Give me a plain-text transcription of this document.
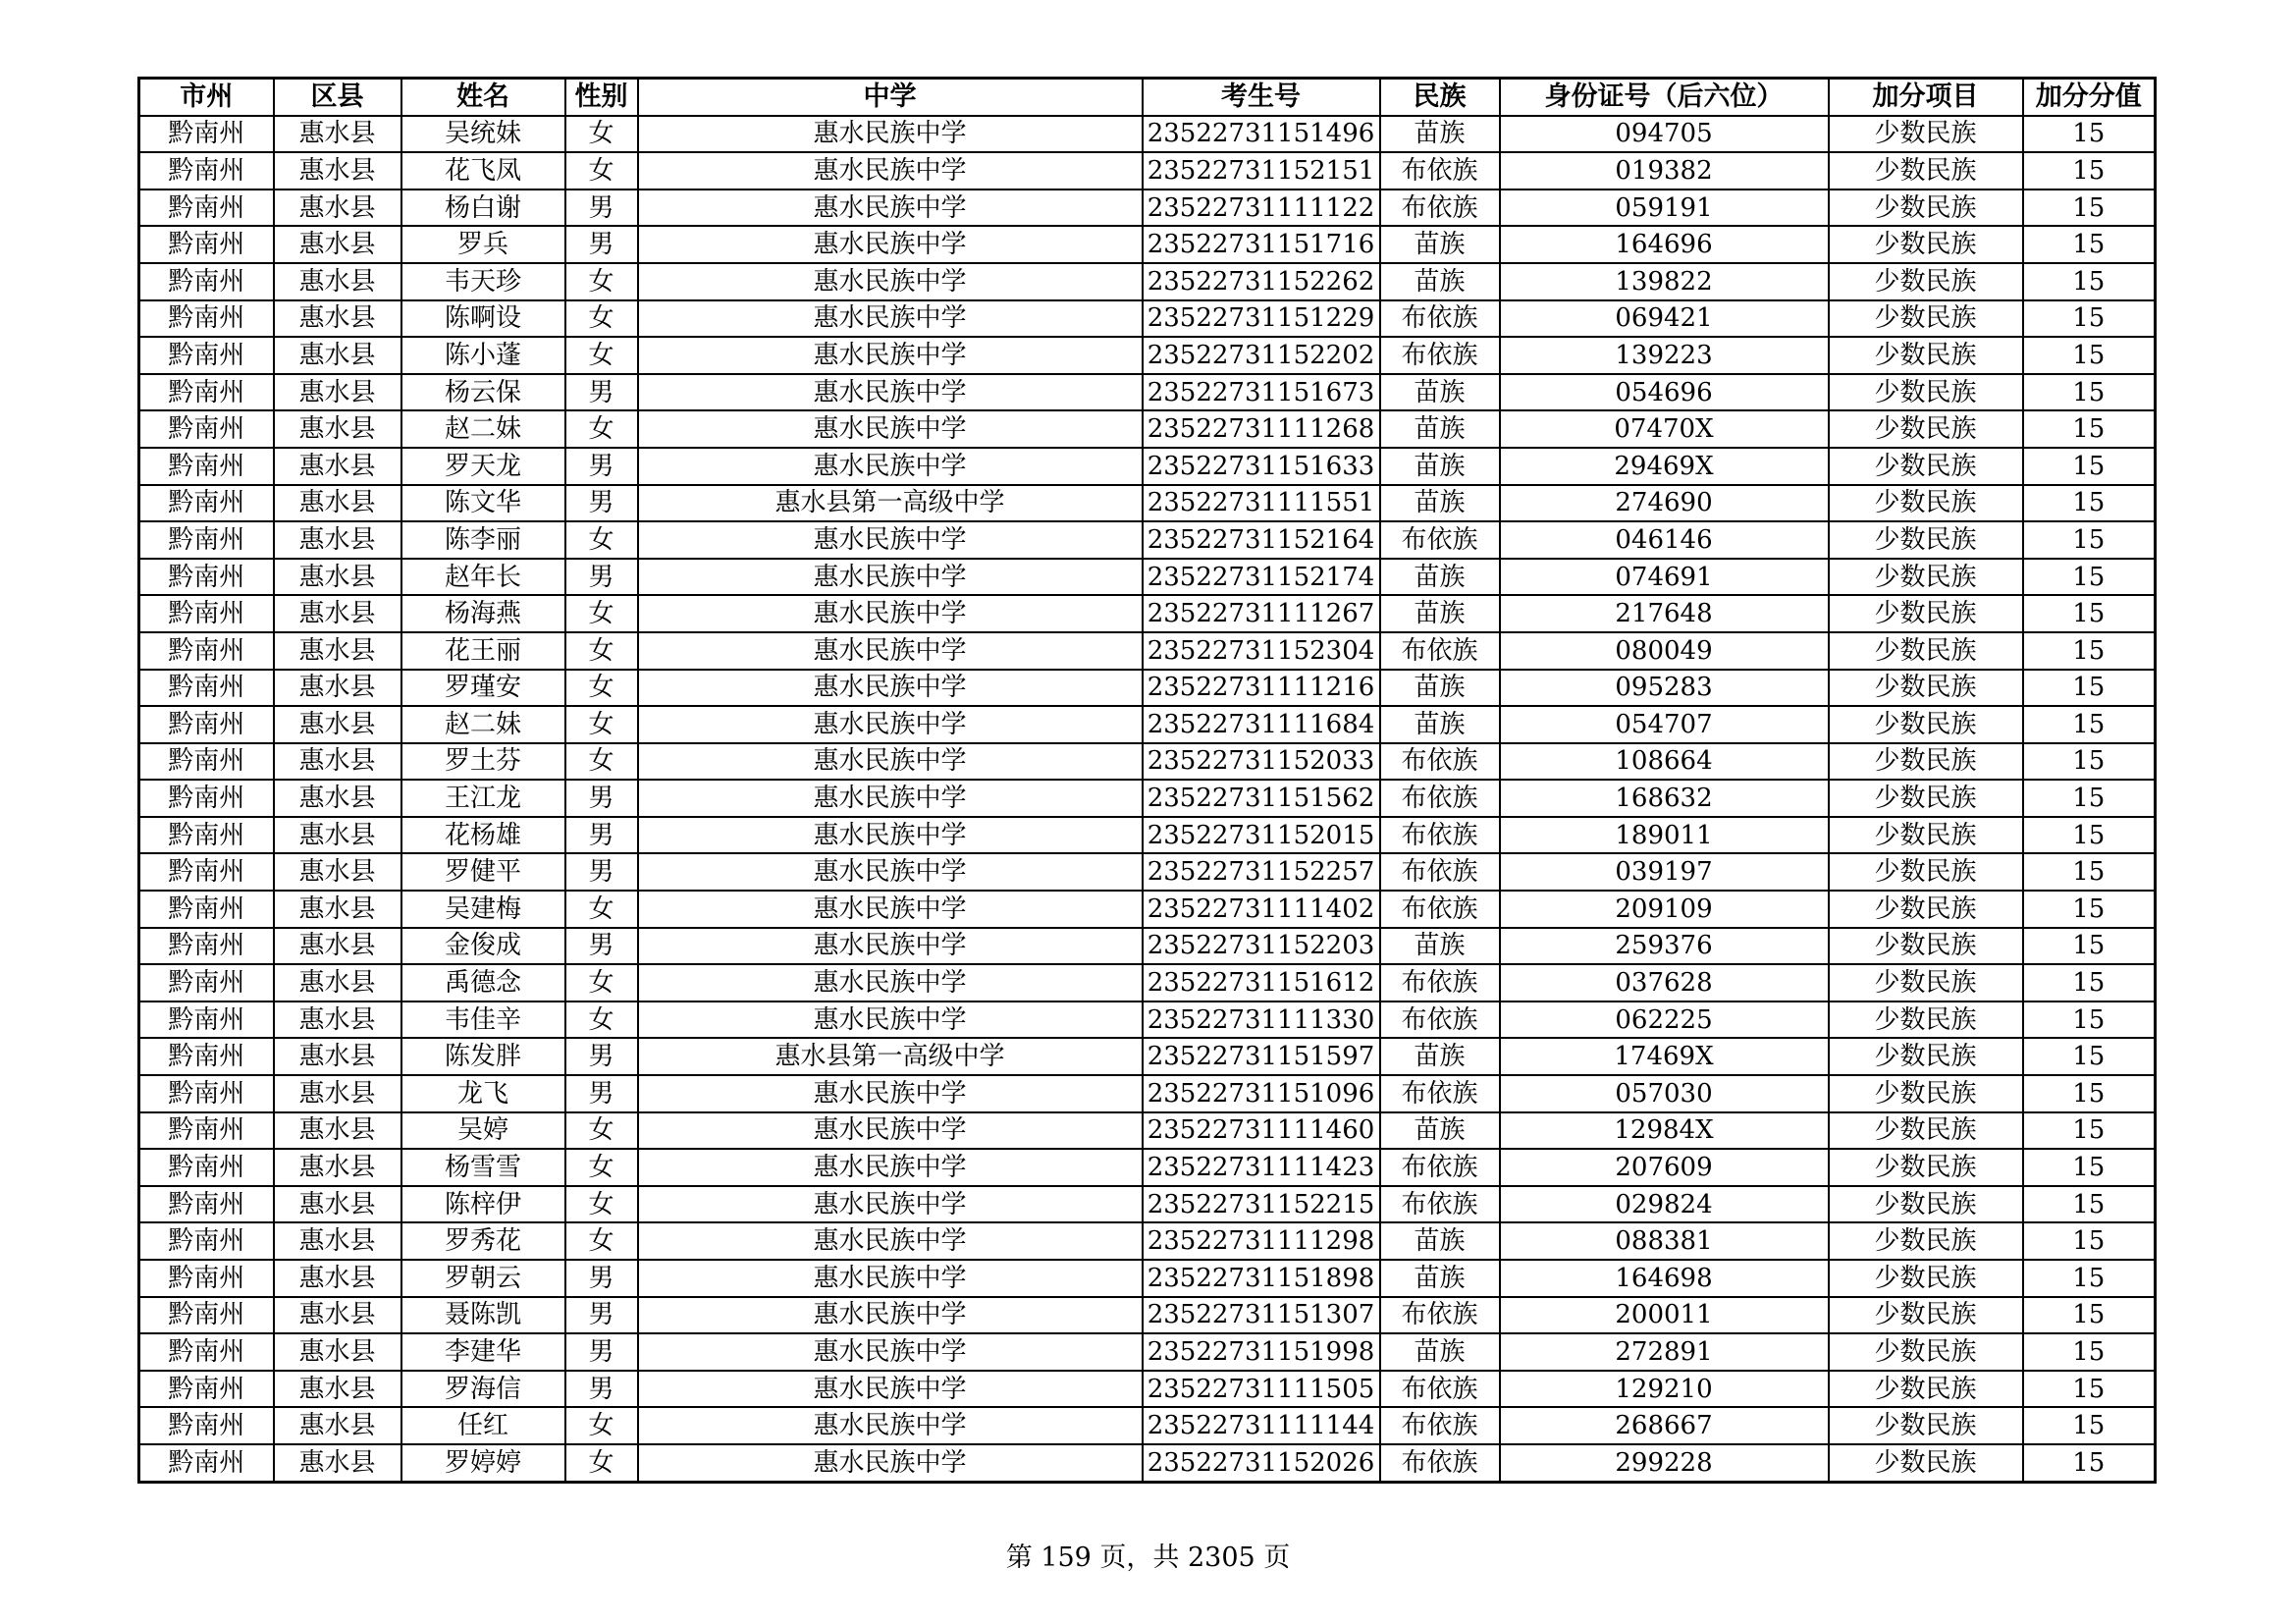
市州	区县	姓名	性别	中学	考生号	民族	身份证号（后六位）	加分项目	加分分值
黔南州	惠水县	吴统妹	女	惠水民族中学	23522731151496	苗族	094705	少数民族	15
黔南州	惠水县	花飞凤	女	惠水民族中学	23522731152151	布依族	019382	少数民族	15
黔南州	惠水县	杨白谢	男	惠水民族中学	23522731111122	布依族	059191	少数民族	15
黔南州	惠水县	罗兵	男	惠水民族中学	23522731151716	苗族	164696	少数民族	15
黔南州	惠水县	韦天珍	女	惠水民族中学	23522731152262	苗族	139822	少数民族	15
黔南州	惠水县	陈啊设	女	惠水民族中学	23522731151229	布依族	069421	少数民族	15
黔南州	惠水县	陈小蓬	女	惠水民族中学	23522731152202	布依族	139223	少数民族	15
黔南州	惠水县	杨云保	男	惠水民族中学	23522731151673	苗族	054696	少数民族	15
黔南州	惠水县	赵二妹	女	惠水民族中学	23522731111268	苗族	07470X	少数民族	15
黔南州	惠水县	罗天龙	男	惠水民族中学	23522731151633	苗族	29469X	少数民族	15
黔南州	惠水县	陈文华	男	惠水县第一高级中学	23522731111551	苗族	274690	少数民族	15
黔南州	惠水县	陈李丽	女	惠水民族中学	23522731152164	布依族	046146	少数民族	15
黔南州	惠水县	赵年长	男	惠水民族中学	23522731152174	苗族	074691	少数民族	15
黔南州	惠水县	杨海燕	女	惠水民族中学	23522731111267	苗族	217648	少数民族	15
黔南州	惠水县	花王丽	女	惠水民族中学	23522731152304	布依族	080049	少数民族	15
黔南州	惠水县	罗瑾安	女	惠水民族中学	23522731111216	苗族	095283	少数民族	15
黔南州	惠水县	赵二妹	女	惠水民族中学	23522731111684	苗族	054707	少数民族	15
黔南州	惠水县	罗土芬	女	惠水民族中学	23522731152033	布依族	108664	少数民族	15
黔南州	惠水县	王江龙	男	惠水民族中学	23522731151562	布依族	168632	少数民族	15
黔南州	惠水县	花杨雄	男	惠水民族中学	23522731152015	布依族	189011	少数民族	15
黔南州	惠水县	罗健平	男	惠水民族中学	23522731152257	布依族	039197	少数民族	15
黔南州	惠水县	吴建梅	女	惠水民族中学	23522731111402	布依族	209109	少数民族	15
黔南州	惠水县	金俊成	男	惠水民族中学	23522731152203	苗族	259376	少数民族	15
黔南州	惠水县	禹德念	女	惠水民族中学	23522731151612	布依族	037628	少数民族	15
黔南州	惠水县	韦佳辛	女	惠水民族中学	23522731111330	布依族	062225	少数民族	15
黔南州	惠水县	陈发胖	男	惠水县第一高级中学	23522731151597	苗族	17469X	少数民族	15
黔南州	惠水县	龙飞	男	惠水民族中学	23522731151096	布依族	057030	少数民族	15
黔南州	惠水县	吴婷	女	惠水民族中学	23522731111460	苗族	12984X	少数民族	15
黔南州	惠水县	杨雪雪	女	惠水民族中学	23522731111423	布依族	207609	少数民族	15
黔南州	惠水县	陈梓伊	女	惠水民族中学	23522731152215	布依族	029824	少数民族	15
黔南州	惠水县	罗秀花	女	惠水民族中学	23522731111298	苗族	088381	少数民族	15
黔南州	惠水县	罗朝云	男	惠水民族中学	23522731151898	苗族	164698	少数民族	15
黔南州	惠水县	聂陈凯	男	惠水民族中学	23522731151307	布依族	200011	少数民族	15
黔南州	惠水县	李建华	男	惠水民族中学	23522731151998	苗族	272891	少数民族	15
黔南州	惠水县	罗海信	男	惠水民族中学	23522731111505	布依族	129210	少数民族	15
黔南州	惠水县	任红	女	惠水民族中学	23522731111144	布依族	268667	少数民族	15
黔南州	惠水县	罗婷婷	女	惠水民族中学	23522731152026	布依族	299228	少数民族	15
第 159 页，共 2305 页
